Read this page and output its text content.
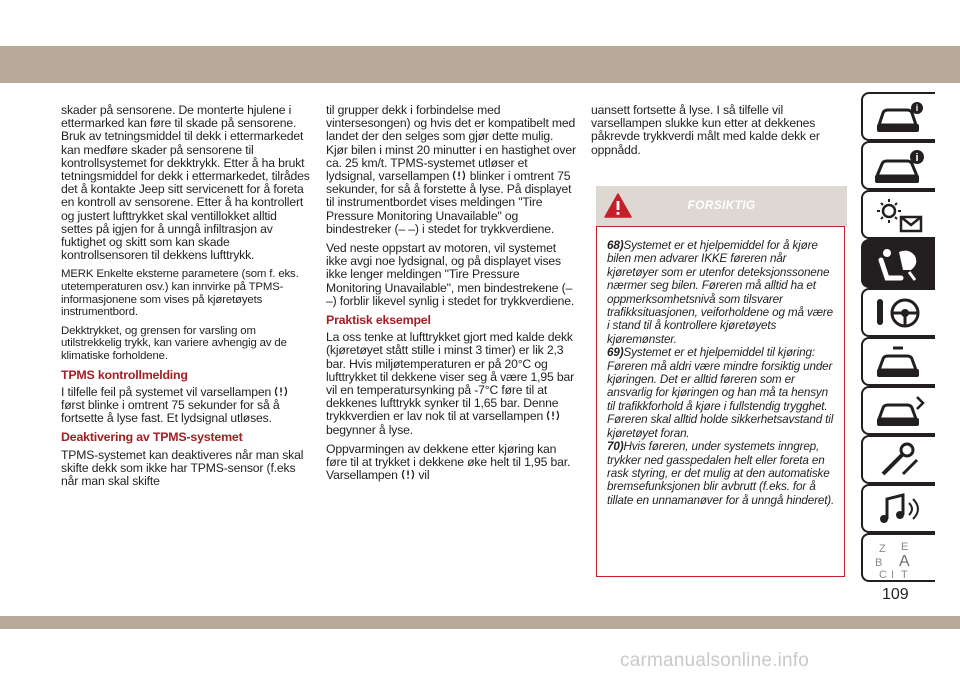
skader på sensorene. De monterte hjulene i ettermarked kan føre til skade på sensorene. Bruk av tetningsmiddel til dekk i ettermarkedet kan medføre skader på sensorene til kontrollsystemet for dekktrykk. Etter å ha brukt tetningsmiddel for dekk i ettermarkedet, tilrådes det å kontakte Jeep sitt servicenett for å foreta en kontroll av sensorene. Etter å ha kontrollert og justert lufttrykket skal ventillokket alltid settes på igjen for å unngå infiltrasjon av fuktighet og skitt som kan skade kontrollsensoren til dekkens lufttrykk.

MERK Enkelte eksterne parametere (som f. eks. utetemperaturen osv.) kan innvirke på TPMS-informasjonene som vises på kjøretøyets instrumentbord.

Dekktrykket, og grensen for varsling om utilstrekkelig trykk, kan variere avhengig av de klimatiske forholdene.

TPMS kontrollmelding

I tilfelle feil på systemet vil varsellampen
først blinke i omtrent 75 sekunder for så å fortsette å lyse fast. Et lydsignal utløses.

Deaktivering av TPMS-systemet

TPMS-systemet kan deaktiveres når man skal skifte dekk som ikke har TPMS-sensor (f.eks når man skal skifte

til grupper dekk i forbindelse med vintersesongen) og hvis det er kompatibelt med landet der den selges som gjør dette mulig. Kjør bilen i minst 20 minutter i en hastighet over ca. 25 km/t. TPMS-systemet utløser et lydsignal, varsellampen blinker i omtrent 75 sekunder, for så å forstette å lyse. På displayet til instrumentbordet vises meldingen "Tire Pressure Monitoring Unavailable" og bindestreker (– –) i stedet for trykkverdiene.

Ved neste oppstart av motoren, vil systemet ikke avgi noe lydsignal, og på displayet vises ikke lenger meldingen "Tire Pressure Monitoring Unavailable", men bindestrekene (– –) forblir likevel synlig i stedet for trykkverdiene.

Praktisk eksempel

La oss tenke at lufttrykket gjort med kalde dekk (kjøretøyet stått stille i minst 3 timer) er lik 2,3 bar. Hvis miljøtemperaturen er på 20°C og lufttrykket til dekkene viser seg å være 1,95 bar vil en temperatursynking på -7°C føre til at dekkenes lufttrykk synker til 1,65 bar. Denne trykkverdien er lav nok til at varsellampen
begynner å lyse.

Oppvarmingen av dekkene etter kjøring kan føre til at trykket i dekkene øke helt til 1,95 bar. Varsellampen vil

uansett fortsette å lyse. I så tilfelle vil varsellampen slukke kun etter at dekkenes påkrevde trykkverdi målt med kalde dekk er oppnådd.

FORSIKTIG
68)Systemet er et hjelpemiddel for å kjøre bilen men advarer IKKE føreren når kjøretøyer som er utenfor deteksjonssonene nærmer seg bilen. Føreren må alltid ha et oppmerksomhetsnivå som tilsvarer trafikksituasjonen, veiforholdene og må være i stand til å kontrollere kjøretøyets kjøremønster.
69)Systemet er et hjelpemiddel til kjøring: Føreren må aldri være mindre forsiktig under kjøringen. Det er alltid føreren som er ansvarlig for kjøringen og han må ta hensyn til trafikkforhold å kjøre i fullstendig trygghet. Føreren skal alltid holde sikkerhetsavstand til kjøretøyet foran.
70)Hvis føreren, under systemets inngrep, trykker ned gasspedalen helt eller foreta en rask styring, er det mulig at den automatiske bremsefunksjonen blir avbrutt (f.eks. for å tillate en unnamanøver for å unngå hinderet).
i
i
Z E
B A
C I T
109
carmanualsonline.info
